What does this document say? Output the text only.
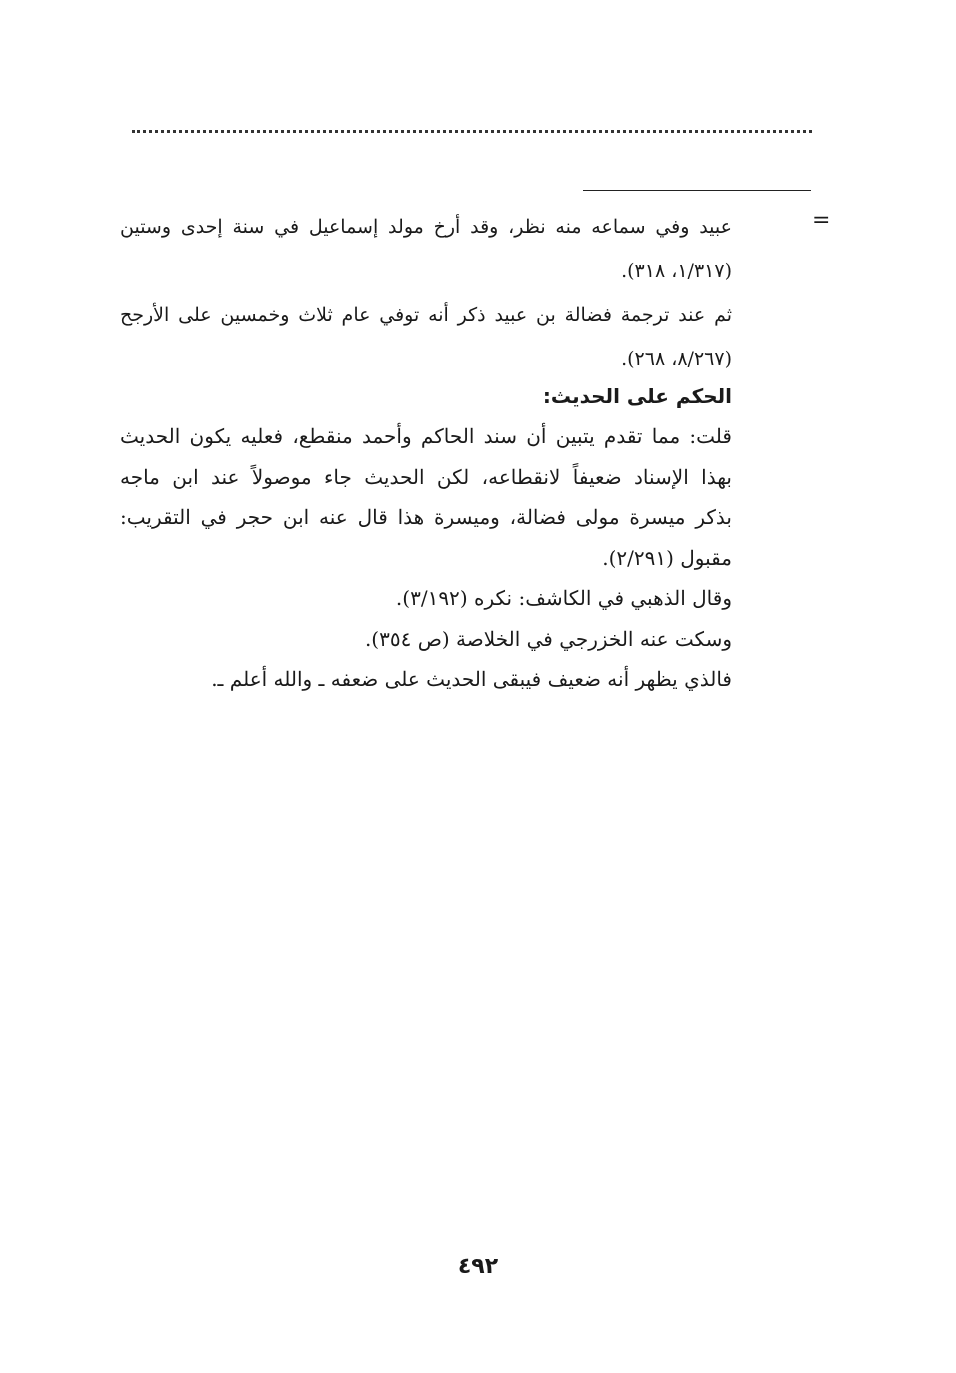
=

عبيد وفي سماعه منه نظر، وقد أرخ مولد إسماعيل في سنة إحدى وستين

(١/٣١٧، ٣١٨).

ثم عند ترجمة فضالة بن عبيد ذكر أنه توفي عام ثلاث وخمسين على الأرجح

(٨/٢٦٧، ٢٦٨).

الحكم على الحديث:

قلت: مما تقدم يتبين أن سند الحاكم وأحمد منقطع، فعليه يكون الحديث

بهذا الإسناد ضعيفاً لانقطاعه، لكن الحديث جاء موصولاً عند ابن ماجه

بذكر ميسرة مولى فضالة، وميسرة هذا قال عنه ابن حجر في التقريب:

مقبول (٢/٢٩١).

وقال الذهبي في الكاشف: نكره (٣/١٩٢).

وسكت عنه الخزرجي في الخلاصة (ص ٣٥٤).

فالذي يظهر أنه ضعيف فيبقى الحديث على ضعفه ـ والله أعلم ـ.

٤٩٢
